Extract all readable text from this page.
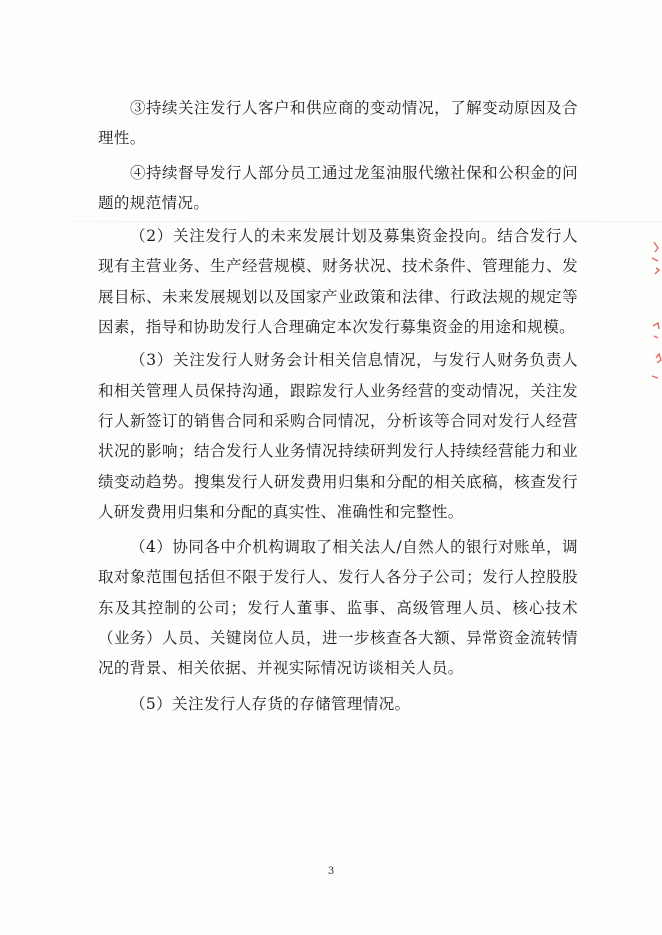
③持续关注发行人客户和供应商的变动情况，了解变动原因及合理性。

④持续督导发行人部分员工通过龙玺油服代缴社保和公积金的问题的规范情况。

（2）关注发行人的未来发展计划及募集资金投向。结合发行人现有主营业务、生产经营规模、财务状况、技术条件、管理能力、发展目标、未来发展规划以及国家产业政策和法律、行政法规的规定等因素，指导和协助发行人合理确定本次发行募集资金的用途和规模。

（3）关注发行人财务会计相关信息情况，与发行人财务负责人和相关管理人员保持沟通，跟踪发行人业务经营的变动情况，关注发行人新签订的销售合同和采购合同情况，分析该等合同对发行人经营状况的影响；结合发行人业务情况持续研判发行人持续经营能力和业绩变动趋势。搜集发行人研发费用归集和分配的相关底稿，核查发行人研发费用归集和分配的真实性、准确性和完整性。

（4）协同各中介机构调取了相关法人/自然人的银行对账单，调取对象范围包括但不限于发行人、发行人各分子公司；发行人控股股东及其控制的公司；发行人董事、监事、高级管理人员、核心技术（业务）人员、关键岗位人员，进一步核查各大额、异常资金流转情况的背景、相关依据、并视实际情况访谈相关人员。

（5）关注发行人存货的存储管理情况。

3
